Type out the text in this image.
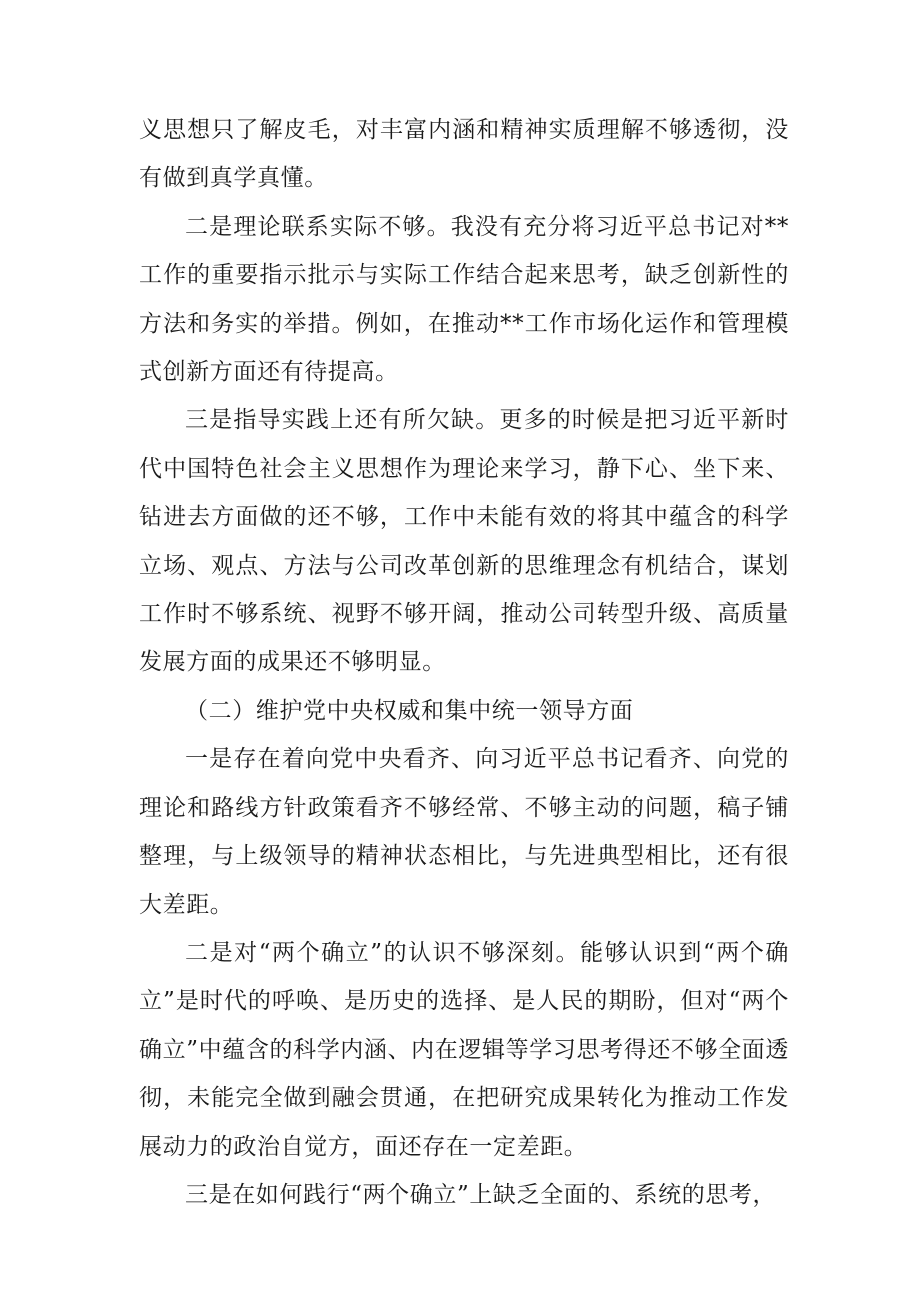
义思想只了解皮毛，对丰富内涵和精神实质理解不够透彻，没有做到真学真懂。

二是理论联系实际不够。我没有充分将习近平总书记对**工作的重要指示批示与实际工作结合起来思考，缺乏创新性的方法和务实的举措。例如，在推动**工作市场化运作和管理模式创新方面还有待提高。

三是指导实践上还有所欠缺。更多的时候是把习近平新时代中国特色社会主义思想作为理论来学习，静下心、坐下来、钻进去方面做的还不够，工作中未能有效的将其中蕴含的科学立场、观点、方法与公司改革创新的思维理念有机结合，谋划工作时不够系统、视野不够开阔，推动公司转型升级、高质量发展方面的成果还不够明显。

（二）维护党中央权威和集中统一领导方面

一是存在着向党中央看齐、向习近平总书记看齐、向党的理论和路线方针政策看齐不够经常、不够主动的问题，稿子铺整理，与上级领导的精神状态相比，与先进典型相比，还有很大差距。

二是对“两个确立”的认识不够深刻。能够认识到“两个确立”是时代的呼唤、是历史的选择、是人民的期盼，但对“两个确立”中蕴含的科学内涵、内在逻辑等学习思考得还不够全面透彻，未能完全做到融会贯通，在把研究成果转化为推动工作发展动力的政治自觉方，面还存在一定差距。

三是在如何践行“两个确立”上缺乏全面的、系统的思考，
